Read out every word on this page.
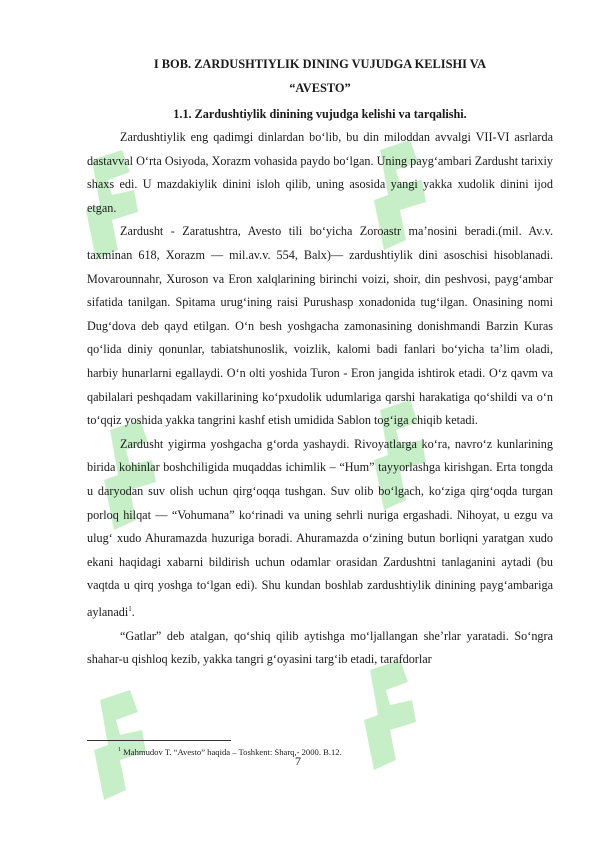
I BOB. ZARDUSHTIYLIK DINING VUJUDGA KELISHI VA
“AVESTO”
1.1. Zardushtiylik dinining vujudga kelishi va tarqalishi.

Zardushtiylik eng qadimgi dinlardan bo‘lib, bu din miloddan avvalgi VII-VI asrlarda dastavval O‘rta Osiyoda, Xorazm vohasida paydo bo‘lgan. Uning payg‘ambari Zardusht tarixiy shaxs edi. U mazdakiylik dinini isloh qilib, uning asosida yangi yakka xudolik dinini ijod etgan.

Zardusht - Zaratushtra, Avesto tili bo‘yicha Zoroastr ma’nosini beradi.(mil. Av.v. taxminan 618, Xorazm — mil.av.v. 554, Balx)— zardushtiylik dini asoschisi hisoblanadi. Movarounnahr, Xuroson va Eron xalqlarining birinchi voizi, shoir, din peshvosi, payg‘ambar sifatida tanilgan. Spitama urug‘ining raisi Purushasp xonadonida tug‘ilgan. Onasining nomi Dug‘dova deb qayd etilgan. O‘n besh yoshgacha zamonasining donishmandi Barzin Kuras qo‘lida diniy qonunlar, tabiatshunoslik, voizlik, kalomi badi fanlari bo‘yicha ta’lim oladi, harbiy hunarlarni egallaydi. O‘n olti yoshida Turon - Eron jangida ishtirok etadi. O‘z qavm va qabilalari peshqadam vakillarining ko‘pxudolik udumlariga qarshi harakatiga qo‘shildi va o‘n to‘qqiz yoshida yakka tangrini kashf etish umidida Sablon tog‘iga chiqib ketadi.

Zardusht yigirma yoshgacha g‘orda yashaydi. Rivoyatlarga ko‘ra, navro‘z kunlarining birida kohinlar boshchiligida muqaddas ichimlik – “Hum” tayyorlashga kirishgan. Erta tongda u daryodan suv olish uchun qirg‘oqqa tushgan. Suv olib bo‘lgach, ko‘ziga qirg‘oqda turgan porloq hilqat — “Vohumana” ko‘rinadi va uning sehrli nuriga ergashadi. Nihoyat, u ezgu va ulug‘ xudo Ahuramazda huzuriga boradi. Ahuramazda o‘zining butun borliqni yaratgan xudo ekani haqidagi xabarni bildirish uchun odamlar orasidan Zardushtni tanlaganini aytadi (bu vaqtda u qirq yoshga to‘lgan edi). Shu kundan boshlab zardushtiylik dinining payg‘ambariga aylanadi$^1$.

“Gatlar” deb atalgan, qo‘shiq qilib aytishga mo‘ljallangan she’rlar yaratadi. So‘ngra shahar-u qishloq kezib, yakka tangri g‘oyasini targ‘ib etadi, tarafdorlar

$^1$ Mahmudov T. “Avesto” haqida – Toshkent: Sharq,- 2000. B.12.
7
